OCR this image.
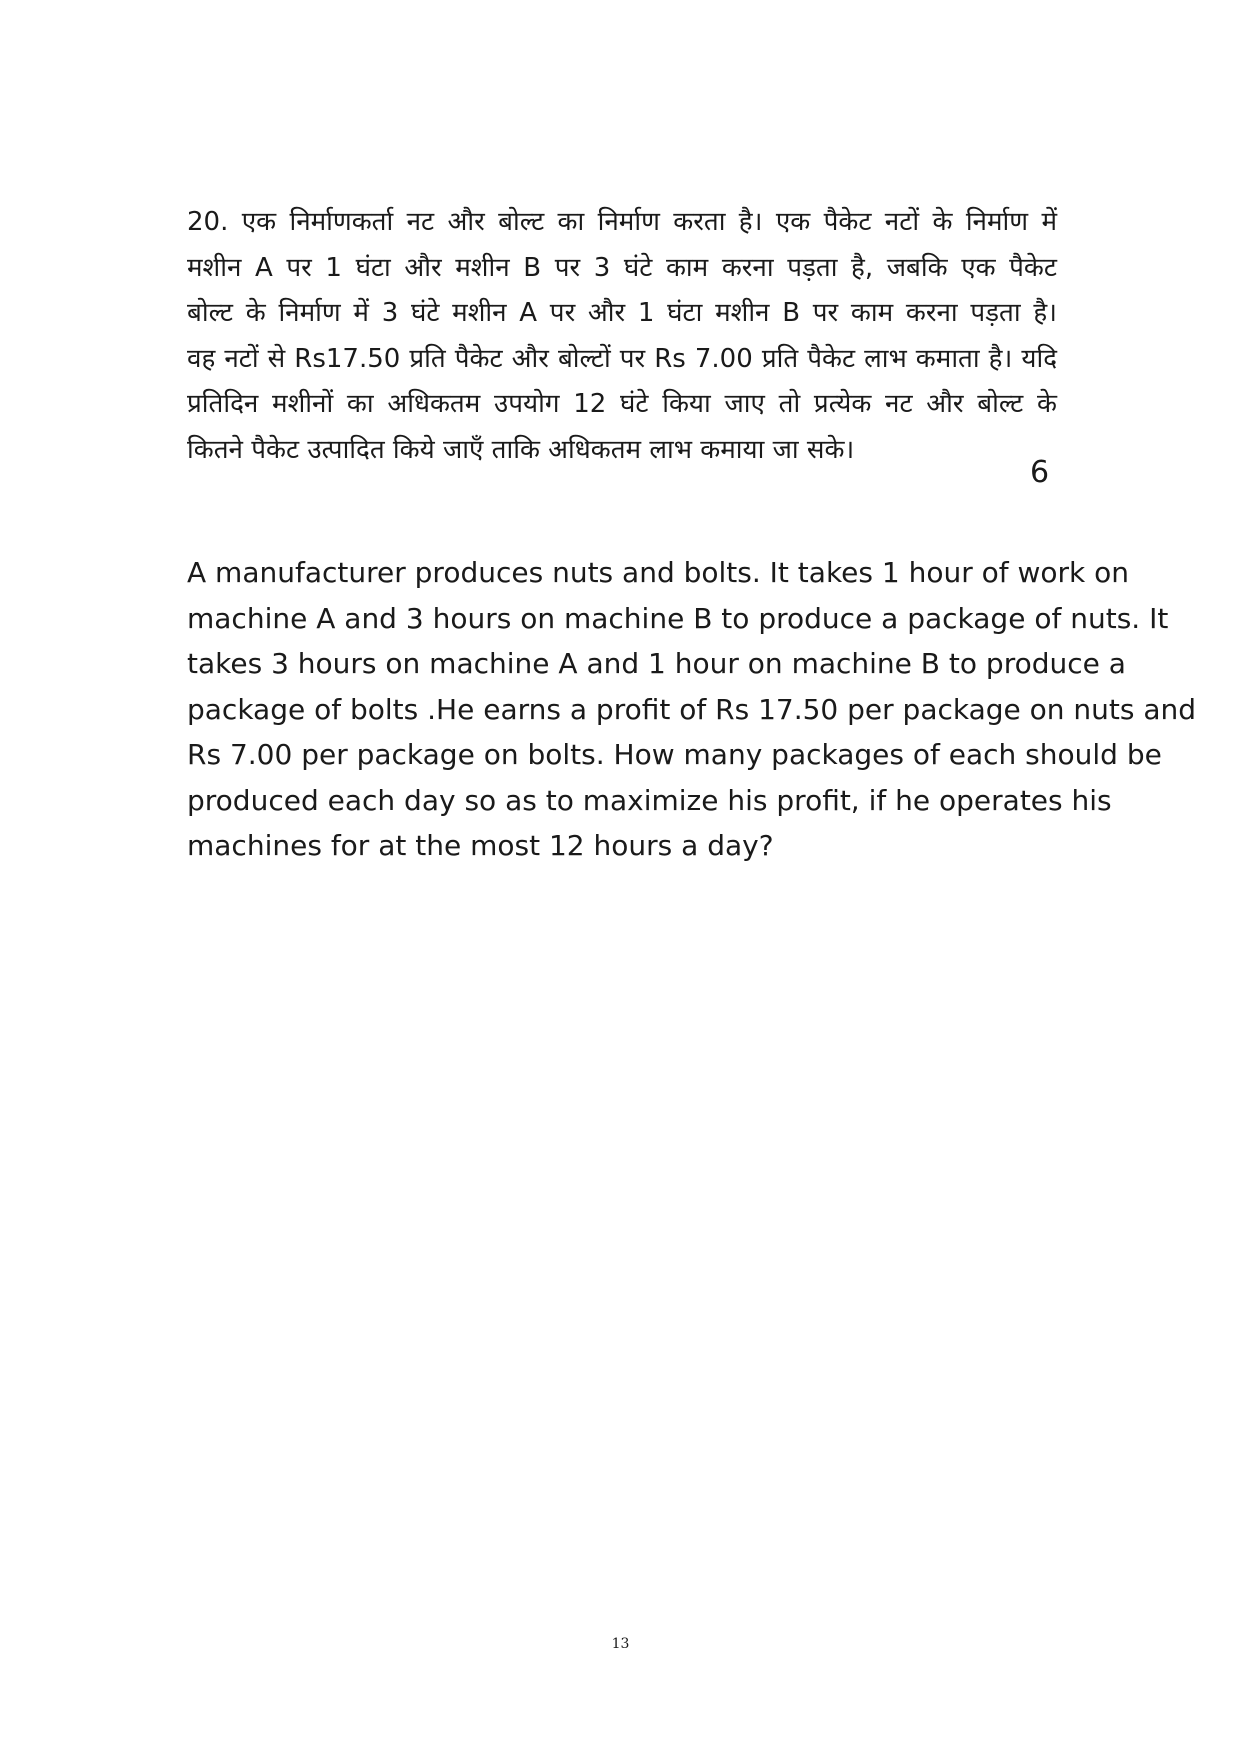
20. एक निर्माणकर्ता नट और बोल्ट का निर्माण करता है। एक पैकेट नटों के निर्माण में
मशीन A पर 1 घंटा और मशीन B पर 3 घंटे काम करना पड़ता है, जबकि एक पैकेट
बोल्ट के निर्माण में 3 घंटे मशीन A पर और 1 घंटा मशीन B पर काम करना पड़ता है।
वह नटों से Rs17.50 प्रति पैकेट और बोल्टों पर Rs 7.00 प्रति पैकेट लाभ कमाता है। यदि
प्रतिदिन मशीनों का अधिकतम उपयोग 12 घंटे किया जाए तो प्रत्येक नट और बोल्ट के
कितने पैकेट उत्पादित किये जाएँ ताकि अधिकतम लाभ कमाया जा सके।
6
A manufacturer produces nuts and bolts. It takes 1 hour of work on
machine A and 3 hours on machine B to produce a package of nuts. It
takes 3 hours on machine A and 1 hour on machine B to produce a
package of bolts .He earns a profit of Rs 17.50 per package on nuts and
Rs 7.00 per package on bolts. How many packages of each should be
produced each day so as to maximize his profit, if he operates his
machines for at the most 12 hours a day?
13
